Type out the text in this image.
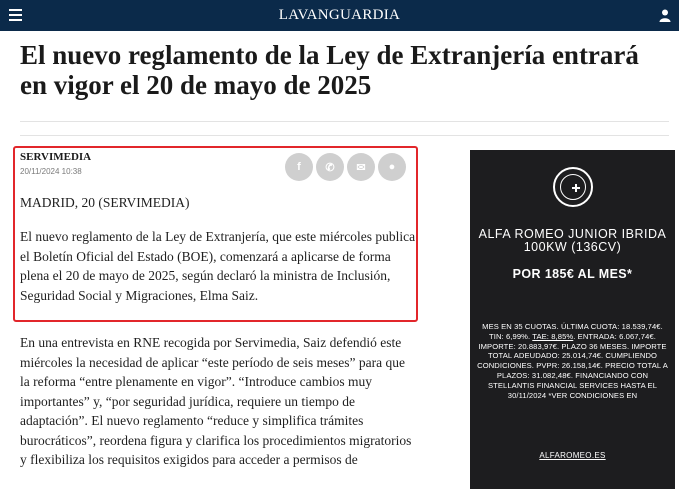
LAVANGUARDIA
El nuevo reglamento de la Ley de Extranjería entrará en vigor el 20 de mayo de 2025
SERVIMEDIA
20/11/2024 10:38	f	✆	✉	●

MADRID, 20 (SERVIMEDIA)

El nuevo reglamento de la Ley de Extranjería, que este miércoles publica el Boletín Oficial del Estado (BOE), comenzará a aplicarse de forma plena el 20 de mayo de 2025, según declaró la ministra de Inclusión, Seguridad Social y Migraciones, Elma Saiz.

En una entrevista en RNE recogida por Servimedia, Saiz defendió este miércoles la necesidad de aplicar “este período de seis meses” para que la reforma “entre plenamente en vigor”. “Introduce cambios muy importantes” y, “por seguridad jurídica, requiere un tiempo de adaptación”. El nuevo reglamento “reduce y simplifica trámites burocráticos”, reordena figura y clarifica los procedimientos migratorios y flexibiliza los requisitos exigidos para acceder a permisos de

ALFA ROMEO JUNIOR IBRIDA 100KW (136CV)
POR 185€ AL MES*
MES EN 35 CUOTAS. ÚLTIMA CUOTA: 18.539,74€. TIN: 6,99%. TAE: 8,85%. ENTRADA: 6.067,74€. IMPORTE: 20.883,97€. PLAZO 36 MESES. IMPORTE TOTAL ADEUDADO: 25.014,74€. CUMPLIENDO CONDICIONES. PVPR: 26.158,14€. PRECIO TOTAL A PLAZOS: 31.082,48€. FINANCIANDO CON STELLANTIS FINANCIAL SERVICES HASTA EL 30/11/2024 *VER CONDICIONES EN
ALFAROMEO.ES
